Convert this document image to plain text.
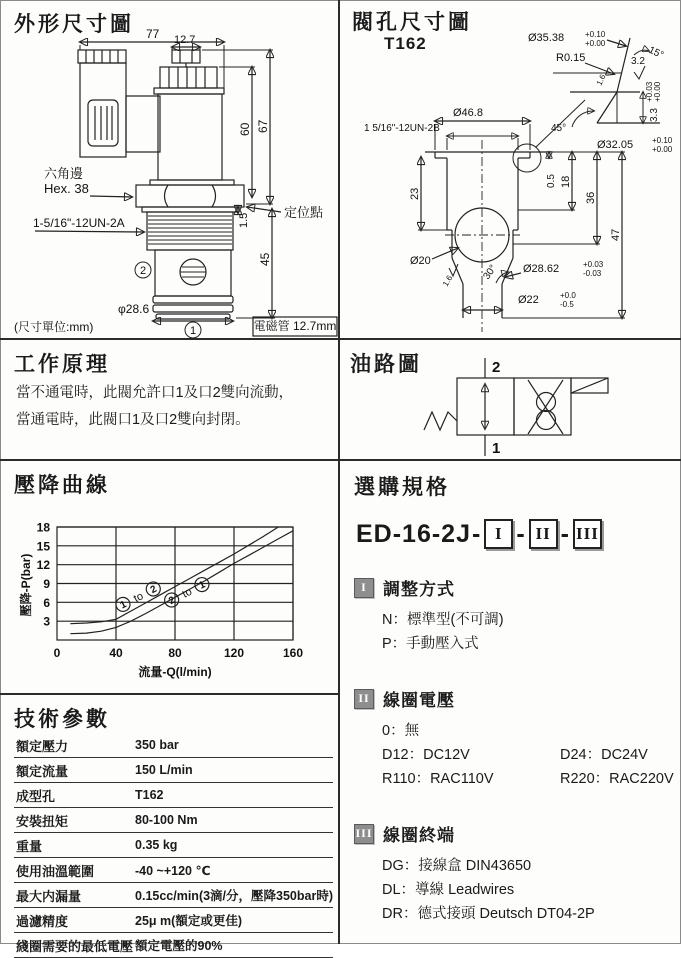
外形尺寸圖 77 12.7
60 67
1.5
45
六角邊
Hex. 38
1-5/16"-12UN-2A
定位點
φ28.6
2
1
(尺寸單位:mm)	電磁管 12.7mm
閥孔尺寸圖
T162	Ø35.38	+0.10
+0.00
R0.15
1.6
15°
3.2
45°
3.3
+0.03 +0.00
Ø32.05 +0.10
+0.00
Ø46.8
1 5/16"-12UN-2B
23
0.5 18
36
47
Ø20
1.6	30° Ø28.62	+0.03
-0.03
Ø22	+0.0
-0.5
工作原理
當不通電時，此閥允許口1及口2雙向流動，
當通電時，此閥口1及口2雙向封閉。
油路圖	2
1
壓降曲線
3
6
9
12
15
18
0	40	80	120	160
1
to
2
2
to
1
壓降-P(bar)
流量-Q(l/min)
技術參數
額定壓力	350 bar
額定流量	150 L/min
成型孔	T162
安裝扭矩	80-100 Nm
重量	0.35 kg
使用油溫範圍	-40 ~+120 ℃
最大内漏量	0.15cc/min(3滴/分，壓降350bar時)
過濾精度	25μ m(額定或更佳)
綫圈需要的最低電壓	額定電壓的90%
選購規格
ED-16-2J - I - II - III
I 調整方式
N：標準型(不可調)
P：手動壓入式
II 線圈電壓
0：無
D12：DC12V	D24：DC24V
R110：RAC110V	R220：RAC220V
III 線圈終端
DG：接線盒 DIN43650
DL：導線 Leadwires
DR：德式接頭 Deutsch DT04-2P
